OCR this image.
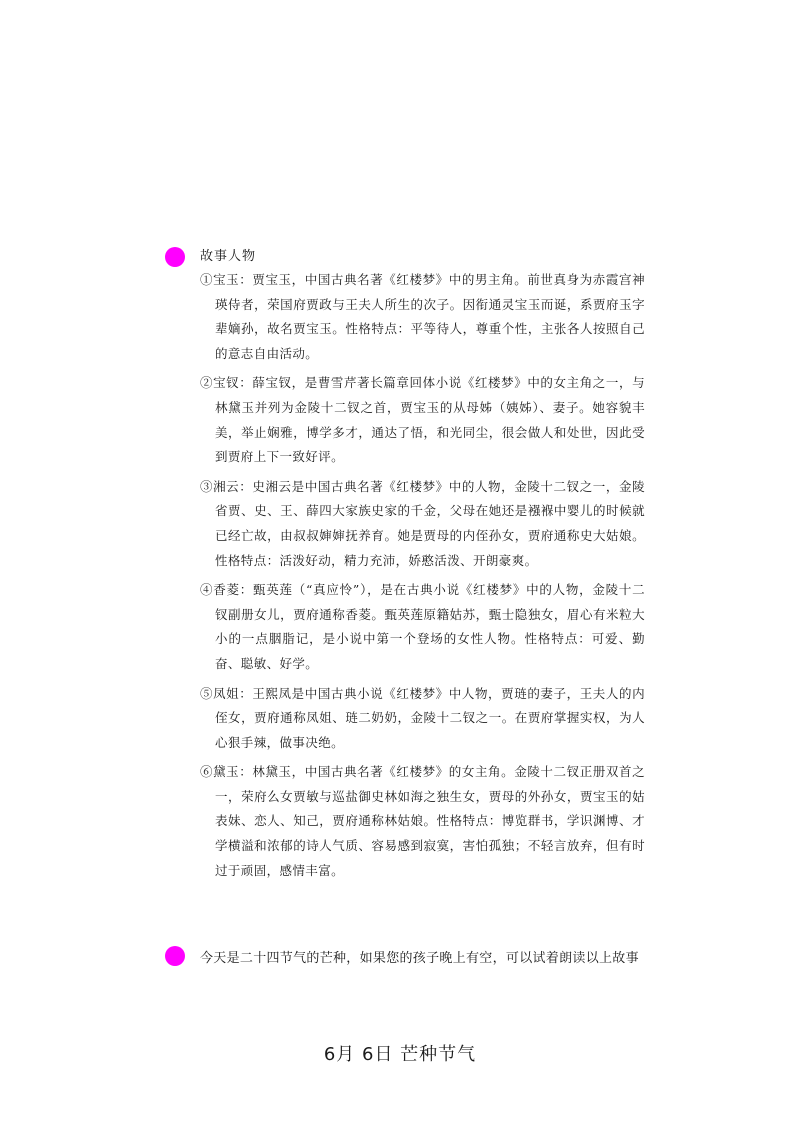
故事人物
①宝玉：贾宝玉，中国古典名著《红楼梦》中的男主角。前世真身为赤霞宫神瑛侍者，荣国府贾政与王夫人所生的次子。因衔通灵宝玉而诞，系贾府玉字辈嫡孙，故名贾宝玉。性格特点：平等待人，尊重个性，主张各人按照自己的意志自由活动。
②宝钗：薛宝钗，是曹雪芹著长篇章回体小说《红楼梦》中的女主角之一，与林黛玉并列为金陵十二钗之首，贾宝玉的从母姊（姨姊）、妻子。她容貌丰美，举止娴雅，博学多才，通达了悟，和光同尘，很会做人和处世，因此受到贾府上下一致好评。
③湘云：史湘云是中国古典名著《红楼梦》中的人物，金陵十二钗之一，金陵省贾、史、王、薛四大家族史家的千金，父母在她还是襁褓中婴儿的时候就已经亡故，由叔叔婶婶抚养育。她是贾母的内侄孙女，贾府通称史大姑娘。性格特点：活泼好动，精力充沛，娇憨活泼、开朗豪爽。
④香菱：甄英莲（“真应怜”），是在古典小说《红楼梦》中的人物，金陵十二钗副册女儿，贾府通称香菱。甄英莲原籍姑苏，甄士隐独女，眉心有米粒大小的一点胭脂记，是小说中第一个登场的女性人物。性格特点：可爱、勤奋、聪敏、好学。
⑤凤姐：王熙凤是中国古典小说《红楼梦》中人物，贾琏的妻子，王夫人的内侄女，贾府通称凤姐、琏二奶奶，金陵十二钗之一。在贾府掌握实权，为人心狠手辣，做事决绝。
⑥黛玉：林黛玉，中国古典名著《红楼梦》的女主角。金陵十二钗正册双首之一，荣府么女贾敏与巡盐御史林如海之独生女，贾母的外孙女，贾宝玉的姑表妹、恋人、知己，贾府通称林姑娘。性格特点：博览群书，学识渊博、才学横溢和浓郁的诗人气质、容易感到寂寞，害怕孤独；不轻言放弃，但有时过于顽固，感情丰富。
今天是二十四节气的芒种，如果您的孩子晚上有空，可以试着朗读以上故事
6月 6日 芒种节气
